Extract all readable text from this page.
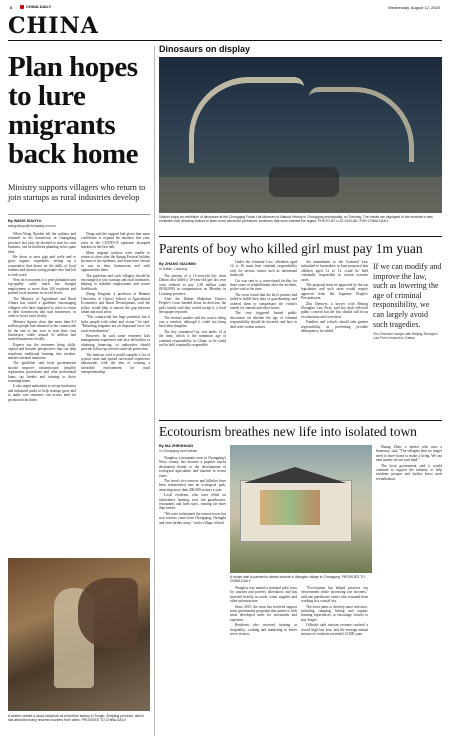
6	CHINA DAILY	Wednesday, August 12, 2020
CHINA
Plan hopes to lure migrants back home
Ministry supports villagers who return to join startups as rural industries develop
By WANG XIAOYU
wangxiaoyu@chinadaily.com.cn

When Wang Xiaobei left the military and returned to his hometown in Guangdong province last year, he decided to start his own business, one he had been planning in his spare time.

He chose to raise pigs and cattle and to grow organic vegetables, setting up a cooperative that draws on the skills of local farmers and attracts young people who had left to seek work.

Now an ecosystem of a pear plantation and top-quality cattle ranch has brought employment to more than 100 residents and pushed local incomes to record levels.

The Ministry of Agriculture and Rural Affairs has issued a guideline encouraging villagers who have migrated to cities to return to their hometowns and start businesses, in order to boost rural vitality.

Ministry figures show that more than 8.5 million people had returned to the countryside by the end of last year to start their own businesses, while around 31 million had started businesses locally.

Experts say the returnees bring skills, capital and broader perspectives that can help transform traditional farming into modern, market-oriented industries.

The guideline said local governments should improve infrastructure, simplify registration procedures and offer preferential loans, tax breaks and training to those returning home.

It also urged authorities to set up incubators and industrial parks to help startups grow and to make sure returnees can access land for production facilities.

Wang said the support had given him more confidence to expand his business this year, even as the COVID-19 epidemic disrupted markets in the first half.

Many migrant workers were unable to return to cities after the Spring Festival holiday because of the epidemic, and some have chosen to stay in their hometowns and seek opportunities there.

The guideline said such villagers should be encouraged to join startups and rural industries, helping to stabilize employment and secure livelihoods.

Zheng Fengtian, a professor at Renmin University of China's School of Agricultural Economics and Rural Development, said the policy would help to narrow the gap between urban and rural areas.

"The countryside has huge potential, but it lacks people with talent and vision," he said. "Returning migrants are an important force for rural revitalization."

However, he said some returnees lack management experience and face difficulties in obtaining financing, so authorities should provide follow-up services and risk protection.

The ministry said it would compile a list of typical cases and spread successful experience nationwide, with the aim of creating a favorable environment for rural entrepreneurship.

A worker carries a wood sculpture at a furniture factory in Tonglu, Zhejiang province, which has attracted many returned workers from cities. PROVIDED TO CHINA DAILY
Dinosaurs on display
Visitors enjoy an exhibition of dinosaurs at the Chongqing Fossil Life Museum of Natural History in Chongqing municipality, on Tuesday. The fossils are displayed in the museum's new exhibition hall, allowing visitors to learn more about the prehistoric creatures that once roamed the region. PHOTO BY LUO GUOJIA / FOR CHINA DAILY
Parents of boy who killed girl must pay 1m yuan
By ZHANG XIAOMIN
in Dalian, Liaoning

The parents of a 13-year-old boy from Dalian who killed a 10-year-old girl last year were ordered to pay 1.28 million yuan ($184,000) in compensation on Monday in Liaoning province.

After the Dalian Shahekou District People's Court handed down its decision, the girl's family said they would accept it, a local newspaper reported.

The victim's mother said the court's ruling was a comfort, although it could not bring back their daughter.

The boy, surnamed Cai, was under 14 at the time, which is the minimum age of criminal responsibility in China, so he could not be held criminally responsible.

Under the Criminal Law, offenders aged 14 to 16 must bear criminal responsibility only for serious crimes such as intentional homicide.

Cai was sent to a correctional facility for three years of rehabilitation after the incident, police said at the time.

The court found that the boy's parents had failed to fulfill their duty of guardianship, and ordered them to compensate the victim's family for funeral and other losses.

The case triggered heated public discussion on whether the age of criminal responsibility should be lowered, and how to deal with violent minors.

An amendment to the Criminal Law submitted to lawmakers in June proposed that children aged 12 to 14 could be held criminally responsible in certain extreme cases.

The proposal must be approved by the top legislature, and such cases would require approval from the Supreme People's Procuratorate.

Zhu Zhenwei, a lawyer with Beijing Zhonglun Law Firm, said the draft reflected public concern but the law should still focus on education and correction.

Families and schools should take greater responsibility in preventing juvenile delinquency, he added.

If we can modify and improve the law, such as lowering the age of criminal responsibility, we can largely avoid such tragedies.
Zhu Zhenwei, lawyer with Beijing Zhonglun Law Firm's branch in Dalian
Ecotourism breathes new life into isolated town
By MA ZHENHUAN
in Chongqing and Hainan

Wanglou, a mountain town in Chongqing's Wuxi county, has become a popular tourist destination thanks to the development of ecological agriculture and tourism in recent years.

The town's rice terraces and hillsides have been transformed into an ecological park, attracting more than 300,000 visitors a year.

Local residents, who once relied on subsistence farming, now run guesthouses, restaurants and farm stays, earning far more than before.

"We were nicknamed the remote town, but now tourists come from Chongqing, Chengdu and even farther away," said a village official.

A house wall is painted to attract tourists in Wanglou village in Chongqing. PROVIDED TO CHINA DAILY

Wanglou was named a national pilot town for tourism and poverty alleviation, and has invested heavily in roads, water supplies and other infrastructure.

Since 2015, the town has received support from government programs that paired it with more developed areas for investment and expertise.

Residents also received training in hospitality, cooking and marketing to better serve visitors.

"Eco-tourism has helped preserve our environment while increasing our incomes," said one guesthouse owner who returned from working in a coastal city.

The town plans to develop more activities, including camping, hiking and organic farming experiences, to encourage visitors to stay longer.

Officials said tourism revenue reached a record high last year, and the average annual income of residents exceeded 13,000 yuan.

Huang Zhen, a farmer who runs a homestay, said, "The villagers here no longer need to leave home to make a living. We can earn money on our own land."

The local government said it would continue to support the industry to help residents prosper and further boost rural revitalization.
